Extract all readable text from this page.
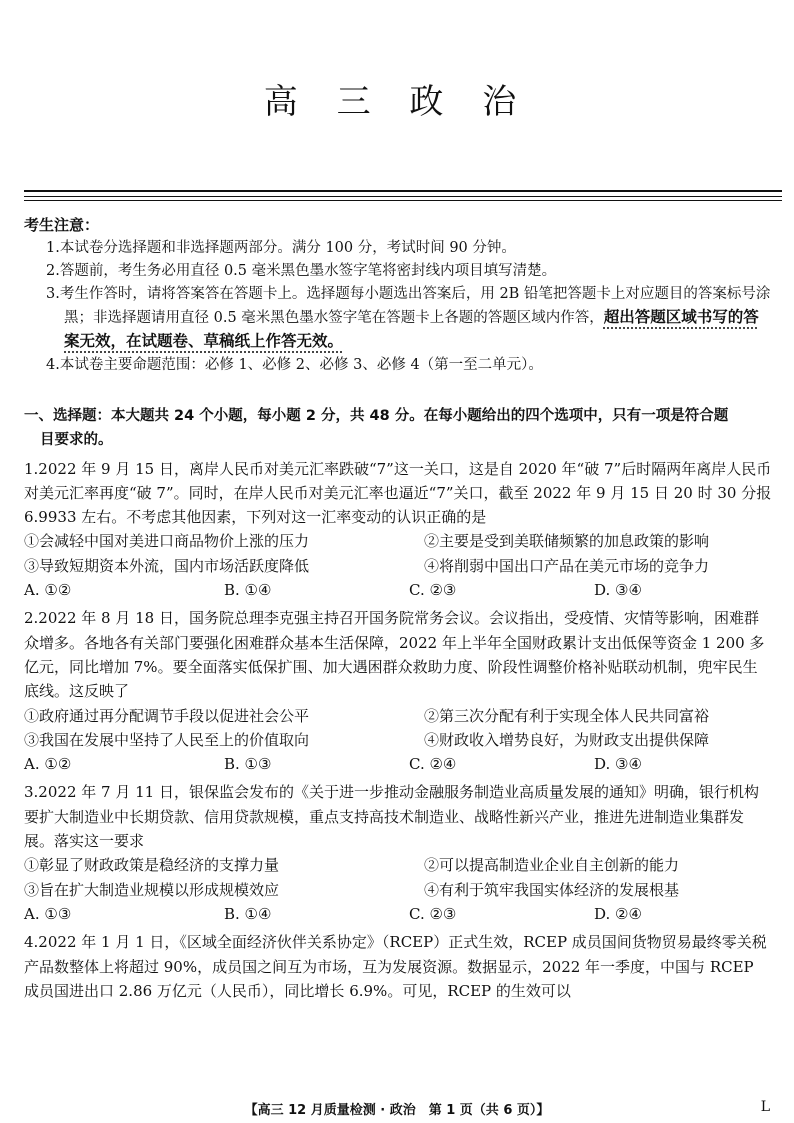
高 三 政 治
考生注意：
1.本试卷分选择题和非选择题两部分。满分 100 分，考试时间 90 分钟。
2.答题前，考生务必用直径 0.5 毫米黑色墨水签字笔将密封线内项目填写清楚。
3.考生作答时，请将答案答在答题卡上。选择题每小题选出答案后，用 2B 铅笔把答题卡上对应题目的答案标号涂黑；非选择题请用直径 0.5 毫米黑色墨水签字笔在答题卡上各题的答题区域内作答，超出答题区域书写的答案无效，在试题卷、草稿纸上作答无效。
4.本试卷主要命题范围：必修 1、必修 2、必修 3、必修 4（第一至二单元）。
一、选择题：本大题共 24 个小题，每小题 2 分，共 48 分。在每小题给出的四个选项中，只有一项是符合题
目要求的。

1.2022 年 9 月 15 日，离岸人民币对美元汇率跌破“7”这一关口，这是自 2020 年“破 7”后时隔两年离岸人民币对美元汇率再度“破 7”。同时，在岸人民币对美元汇率也逼近“7”关口，截至 2022 年 9 月 15 日 20 时 30 分报 6.9933 左右。不考虑其他因素，下列对这一汇率变动的认识正确的是

①会减轻中国对美进口商品物价上涨的压力	②主要是受到美联储频繁的加息政策的影响
③导致短期资本外流，国内市场活跃度降低	④将削弱中国出口产品在美元市场的竞争力
A. ①②	B. ①④	C. ②③	D. ③④

2.2022 年 8 月 18 日，国务院总理李克强主持召开国务院常务会议。会议指出，受疫情、灾情等影响，困难群众增多。各地各有关部门要强化困难群众基本生活保障，2022 年上半年全国财政累计支出低保等资金 1 200 多亿元，同比增加 7%。要全面落实低保扩围、加大遇困群众救助力度、阶段性调整价格补贴联动机制，兜牢民生底线。这反映了

①政府通过再分配调节手段以促进社会公平	②第三次分配有利于实现全体人民共同富裕
③我国在发展中坚持了人民至上的价值取向	④财政收入增势良好，为财政支出提供保障
A. ①②	B. ①③	C. ②④	D. ③④

3.2022 年 7 月 11 日，银保监会发布的《关于进一步推动金融服务制造业高质量发展的通知》明确，银行机构要扩大制造业中长期贷款、信用贷款规模，重点支持高技术制造业、战略性新兴产业，推进先进制造业集群发展。落实这一要求

①彰显了财政政策是稳经济的支撑力量	②可以提高制造业企业自主创新的能力
③旨在扩大制造业规模以形成规模效应	④有利于筑牢我国实体经济的发展根基
A. ①③	B. ①④	C. ②③	D. ②④

4.2022 年 1 月 1 日，《区域全面经济伙伴关系协定》（RCEP）正式生效，RCEP 成员国间货物贸易最终零关税产品数整体上将超过 90%，成员国之间互为市场，互为发展资源。数据显示，2022 年一季度，中国与 RCEP 成员国进出口 2.86 万亿元（人民币），同比增长 6.9%。可见，RCEP 的生效可以

【高三 12 月质量检测 · 政治　第 1 页（共 6 页）】	L
